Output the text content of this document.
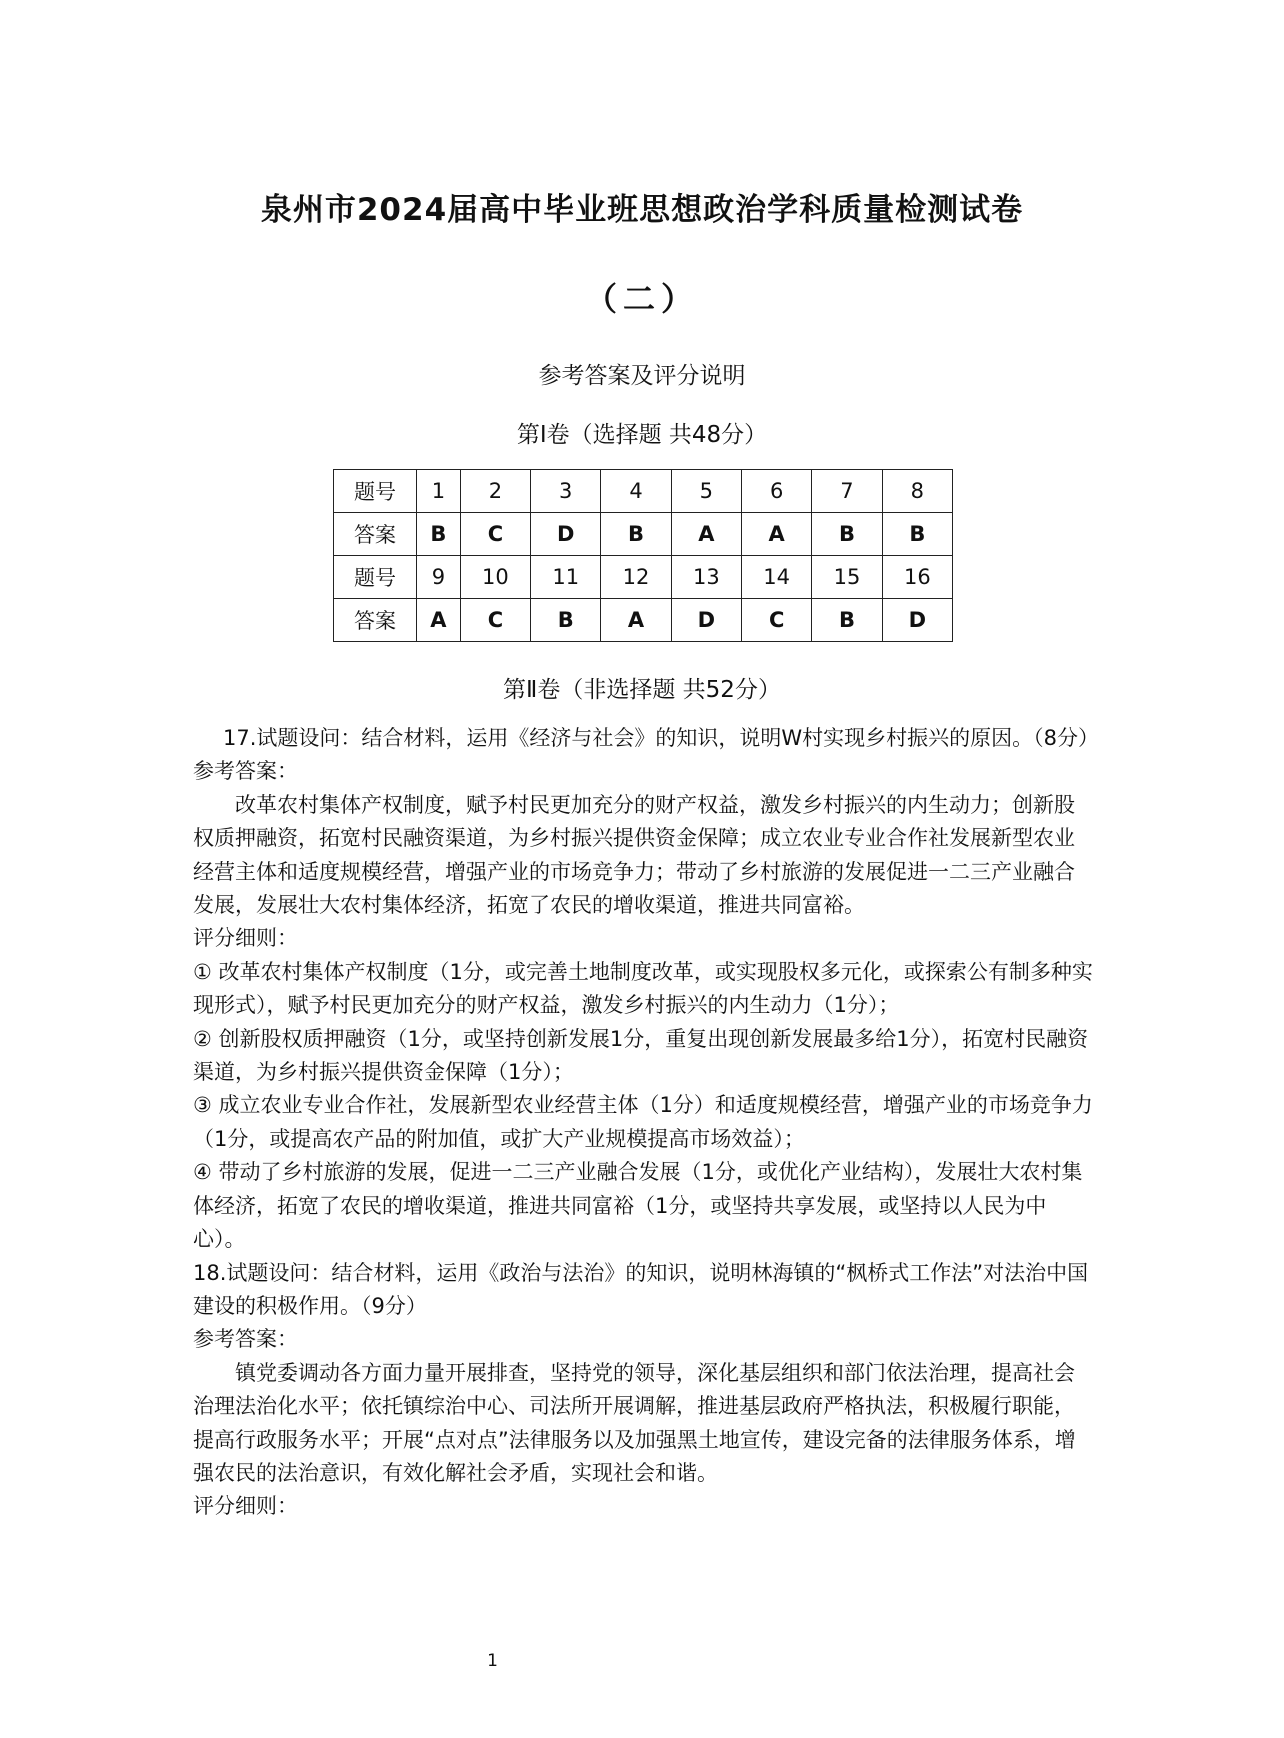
泉州市2024届高中毕业班思想政治学科质量检测试卷
（二）
参考答案及评分说明
第Ⅰ卷（选择题 共48分）
题号	1	2	3	4	5	6	7	8
答案	B	C	D	B	A	A	B	B
题号	9	10	11	12	13	14	15	16
答案	A	C	B	A	D	C	B	D
第Ⅱ卷（非选择题 共52分）

17.试题设问：结合材料，运用《经济与社会》的知识，说明W村实现乡村振兴的原因。（8分）

参考答案：

改革农村集体产权制度，赋予村民更加充分的财产权益，激发乡村振兴的内生动力；创新股权质押融资，拓宽村民融资渠道，为乡村振兴提供资金保障；成立农业专业合作社发展新型农业经营主体和适度规模经营，增强产业的市场竞争力；带动了乡村旅游的发展促进一二三产业融合发展，发展壮大农村集体经济，拓宽了农民的增收渠道，推进共同富裕。

评分细则：

① 改革农村集体产权制度（1分，或完善土地制度改革，或实现股权多元化，或探索公有制多种实现形式），赋予村民更加充分的财产权益，激发乡村振兴的内生动力（1分）；

② 创新股权质押融资（1分，或坚持创新发展1分，重复出现创新发展最多给1分），拓宽村民融资渠道，为乡村振兴提供资金保障（1分）；

③ 成立农业专业合作社，发展新型农业经营主体（1分）和适度规模经营，增强产业的市场竞争力（1分，或提高农产品的附加值，或扩大产业规模提高市场效益）；

④ 带动了乡村旅游的发展，促进一二三产业融合发展（1分，或优化产业结构），发展壮大农村集体经济，拓宽了农民的增收渠道，推进共同富裕（1分，或坚持共享发展，或坚持以人民为中心）。

18.试题设问：结合材料，运用《政治与法治》的知识，说明林海镇的“枫桥式工作法”对法治中国建设的积极作用。（9分）

参考答案：

镇党委调动各方面力量开展排查，坚持党的领导，深化基层组织和部门依法治理，提高社会治理法治化水平；依托镇综治中心、司法所开展调解，推进基层政府严格执法，积极履行职能，提高行政服务水平；开展“点对点”法律服务以及加强黑土地宣传，建设完备的法律服务体系，增强农民的法治意识，有效化解社会矛盾，实现社会和谐。

评分细则：

1
